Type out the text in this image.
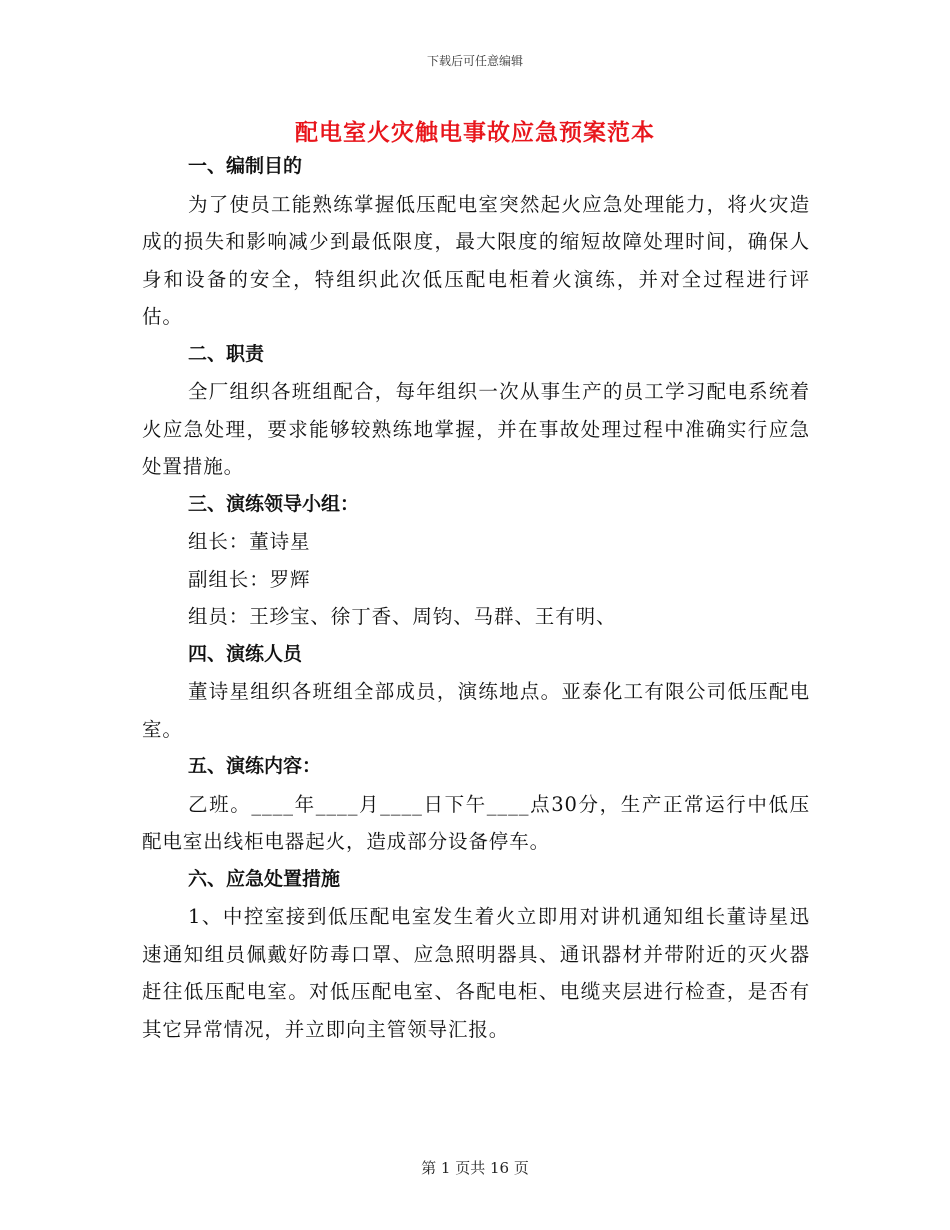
下载后可任意编辑
配电室火灾触电事故应急预案范本

一、编制目的

为了使员工能熟练掌握低压配电室突然起火应急处理能力，将火灾造成的损失和影响减少到最低限度，最大限度的缩短故障处理时间，确保人身和设备的安全，特组织此次低压配电柜着火演练，并对全过程进行评估。

二、职责

全厂组织各班组配合，每年组织一次从事生产的员工学习配电系统着火应急处理，要求能够较熟练地掌握，并在事故处理过程中准确实行应急处置措施。

三、演练领导小组：

组长：董诗星

副组长：罗辉

组员：王珍宝、徐丁香、周钧、马群、王有明、

四、演练人员

董诗星组织各班组全部成员，演练地点。亚泰化工有限公司低压配电室。

五、演练内容：

乙班。____年____月____日下午____点30分，生产正常运行中低压配电室出线柜电器起火，造成部分设备停车。

六、应急处置措施

1、中控室接到低压配电室发生着火立即用对讲机通知组长董诗星迅速通知组员佩戴好防毒口罩、应急照明器具、通讯器材并带附近的灭火器赶往低压配电室。对低压配电室、各配电柜、电缆夹层进行检查，是否有其它异常情况，并立即向主管领导汇报。

第 1 页共 16 页
